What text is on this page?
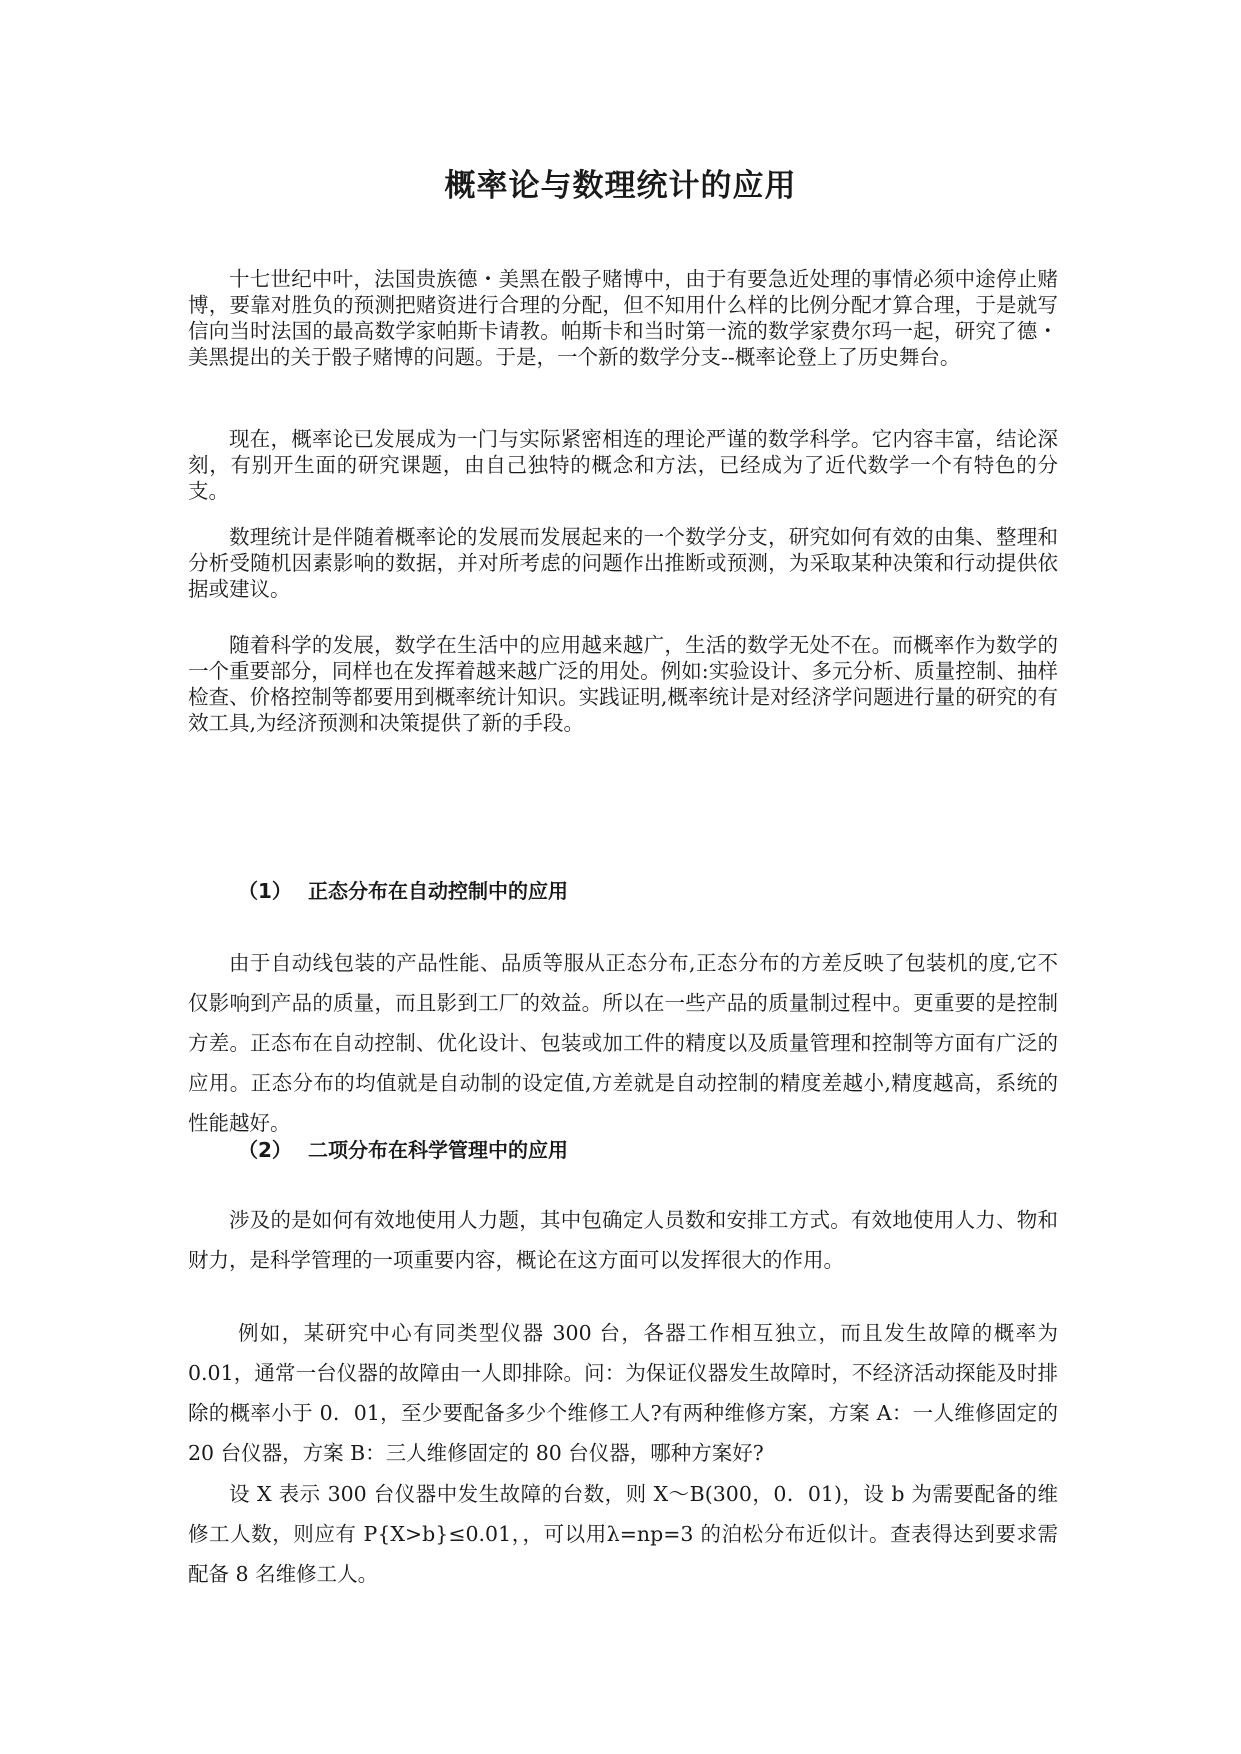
概率论与数理统计的应用
十七世纪中叶，法国贵族德・美黑在骰子赌博中，由于有要急近处理的事情必须中途停止赌博，要靠对胜负的预测把赌资进行合理的分配，但不知用什么样的比例分配才算合理，于是就写信向当时法国的最高数学家帕斯卡请教。帕斯卡和当时第一流的数学家费尔玛一起，研究了德・美黑提出的关于骰子赌博的问题。于是，一个新的数学分支--概率论登上了历史舞台。
现在，概率论已发展成为一门与实际紧密相连的理论严谨的数学科学。它内容丰富，结论深刻，有别开生面的研究课题，由自己独特的概念和方法，已经成为了近代数学一个有特色的分支。
数理统计是伴随着概率论的发展而发展起来的一个数学分支，研究如何有效的由集、整理和分析受随机因素影响的数据，并对所考虑的问题作出推断或预测，为采取某种决策和行动提供依据或建议。
随着科学的发展，数学在生活中的应用越来越广，生活的数学无处不在。而概率作为数学的一个重要部分，同样也在发挥着越来越广泛的用处。例如:实验设计、多元分析、质量控制、抽样检查、价格控制等都要用到概率统计知识。实践证明,概率统计是对经济学问题进行量的研究的有效工具,为经济预测和决策提供了新的手段。
（1） 正态分布在自动控制中的应用
由于自动线包装的产品性能、品质等服从正态分布,正态分布的方差反映了包装机的度,它不仅影响到产品的质量，而且影到工厂的效益。所以在一些产品的质量制过程中。更重要的是控制方差。正态布在自动控制、优化设计、包装或加工件的精度以及质量管理和控制等方面有广泛的应用。正态分布的均值就是自动制的设定值,方差就是自动控制的精度差越小,精度越高，系统的性能越好。
（2） 二项分布在科学管理中的应用
涉及的是如何有效地使用人力题，其中包确定人员数和安排工方式。有效地使用人力、物和财力，是科学管理的一项重要内容，概论在这方面可以发挥很大的作用。
例如，某研究中心有同类型仪器 300 台，各器工作相互独立，而且发生故障的概率为 0.01，通常一台仪器的故障由一人即排除。问：为保证仪器发生故障时，不经济活动探能及时排除的概率小于 0．01，至少要配备多少个维修工人?有两种维修方案，方案 A：一人维修固定的 20 台仪器，方案 B：三人维修固定的 80 台仪器，哪种方案好?
设 X 表示 300 台仪器中发生故障的台数，则 X～B(300，0．01)，设 b 为需要配备的维修工人数，则应有 P{X>b}≤0.01，，可以用λ=np=3 的泊松分布近似计。查表得达到要求需配备 8 名维修工人。
